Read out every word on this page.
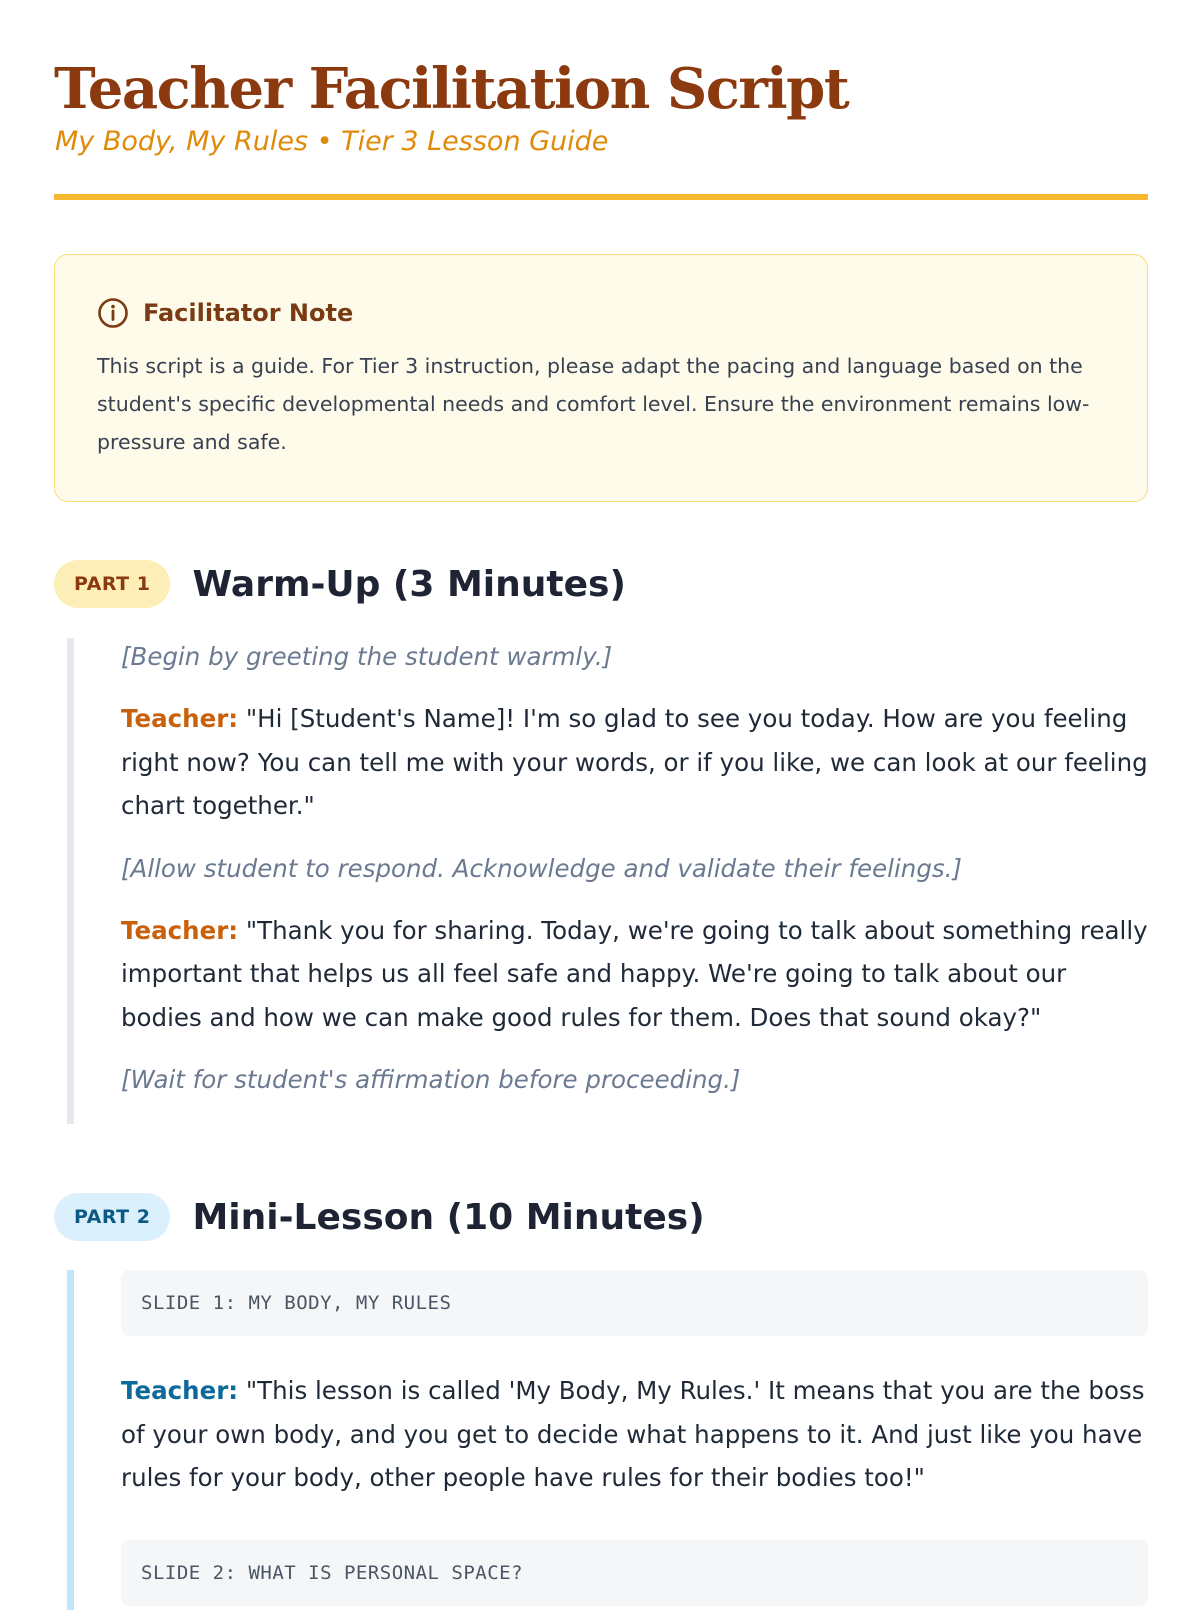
Teacher Facilitation Script

My Body, My Rules • Tier 3 Lesson Guide

Facilitator Note

This script is a guide. For Tier 3 instruction, please adapt the pacing and language based on the student's specific developmental needs and comfort level. Ensure the environment remains low-pressure and safe.

PART 1	Warm-Up (3 Minutes)

[Begin by greeting the student warmly.]

Teacher: "Hi [Student's Name]! I'm so glad to see you today. How are you feeling right now? You can tell me with your words, or if you like, we can look at our feeling chart together."

[Allow student to respond. Acknowledge and validate their feelings.]

Teacher: "Thank you for sharing. Today, we're going to talk about something really important that helps us all feel safe and happy. We're going to talk about our bodies and how we can make good rules for them. Does that sound okay?"

[Wait for student's affirmation before proceeding.]

PART 2	Mini-Lesson (10 Minutes)
SLIDE 1: MY BODY, MY RULES

Teacher: "This lesson is called 'My Body, My Rules.' It means that you are the boss of your own body, and you get to decide what happens to it. And just like you have rules for your body, other people have rules for their bodies too!"

SLIDE 2: WHAT IS PERSONAL SPACE?
